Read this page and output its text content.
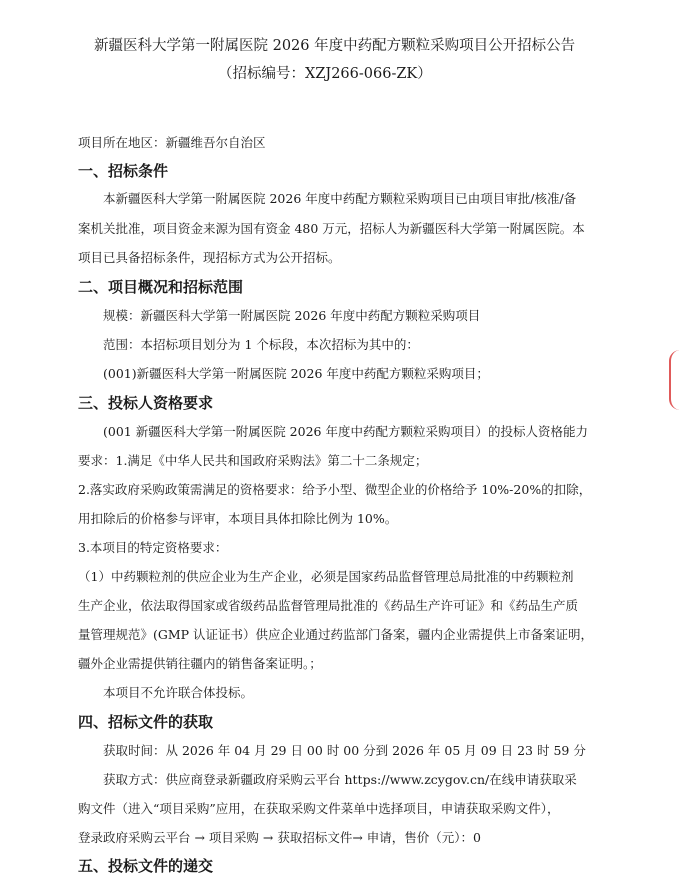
新疆医科大学第一附属医院 2026 年度中药配方颗粒采购项目公开招标公告
（招标编号：XZJ266-066-ZK）
项目所在地区：新疆维吾尔自治区
一、招标条件
本新疆医科大学第一附属医院 2026 年度中药配方颗粒采购项目已由项目审批/核准/备
案机关批准，项目资金来源为国有资金 480 万元，招标人为新疆医科大学第一附属医院。本
项目已具备招标条件，现招标方式为公开招标。
二、项目概况和招标范围
规模：新疆医科大学第一附属医院 2026 年度中药配方颗粒采购项目
范围：本招标项目划分为 1 个标段，本次招标为其中的：
(001)新疆医科大学第一附属医院 2026 年度中药配方颗粒采购项目；
三、投标人资格要求
(001 新疆医科大学第一附属医院 2026 年度中药配方颗粒采购项目）的投标人资格能力
要求：1.满足《中华人民共和国政府采购法》第二十二条规定；
2.落实政府采购政策需满足的资格要求：给予小型、微型企业的价格给予 10%-20%的扣除，
用扣除后的价格参与评审，本项目具体扣除比例为 10%。
3.本项目的特定资格要求：
（1）中药颗粒剂的供应企业为生产企业，必须是国家药品监督管理总局批准的中药颗粒剂
生产企业，依法取得国家或省级药品监督管理局批准的《药品生产许可证》和《药品生产质
量管理规范》(GMP 认证证书）供应企业通过药监部门备案，疆内企业需提供上市备案证明，
疆外企业需提供销往疆内的销售备案证明。；
本项目不允许联合体投标。
四、招标文件的获取
获取时间：从 2026 年 04 月 29 日 00 时 00 分到 2026 年 05 月 09 日 23 时 59 分
获取方式：供应商登录新疆政府采购云平台 https://www.zcygov.cn/在线申请获取采
购文件（进入“项目采购”应用，在获取采购文件菜单中选择项目，申请获取采购文件），
登录政府采购云平台 → 项目采购 → 获取招标文件→ 申请，售价（元）：0
五、投标文件的递交
